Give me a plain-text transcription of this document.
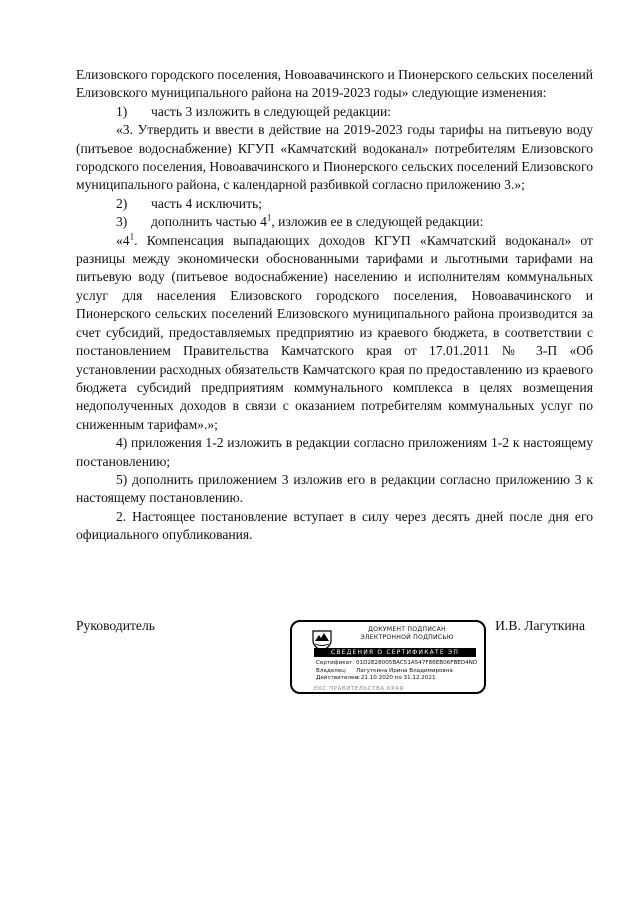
Елизовского городского поселения, Новоавачинского и Пионерского сельских поселений Елизовского муниципального района на 2019-2023 годы» следующие изменения:

1)	часть 3 изложить в следующей редакции:

«3. Утвердить и ввести в действие на 2019-2023 годы тарифы на питьевую воду (питьевое водоснабжение) КГУП «Камчатский водоканал» потребителям Елизовского городского поселения, Новоавачинского и Пионерского сельских поселений Елизовского муниципального района, с календарной разбивкой согласно приложению 3.»;

2)	часть 4 исключить;
3)	дополнить частью $4^1$, изложив ее в следующей редакции:

«$4^1$. Компенсация выпадающих доходов КГУП «Камчатский водоканал» от разницы между экономически обоснованными тарифами и льготными тарифами на питьевую воду (питьевое водоснабжение) населению и исполнителям коммунальных услуг для населения Елизовского городского поселения, Новоавачинского и Пионерского сельских поселений Елизовского муниципального района производится за счет субсидий, предоставляемых предприятию из краевого бюджета, в соответствии с постановлением Правительства Камчатского края от 17.01.2011 № 3-П «Об установлении расходных обязательств Камчатского края по предоставлению из краевого бюджета субсидий предприятиям коммунального комплекса в целях возмещения недополученных доходов в связи с оказанием потребителям коммунальных услуг по сниженным тарифам».»;

4) приложения 1-2 изложить в редакции согласно приложениям 1-2 к настоящему постановлению;

5) дополнить приложением 3 изложив его в редакции согласно приложению 3 к настоящему постановлению.

2. Настоящее постановление вступает в силу через десять дней после дня его официального опубликования.

Руководитель	И.В. Лагуткина
ДОКУМЕНТ ПОДПИСАН
ЭЛЕКТРОННОЙ ПОДПИСЬЮ
СВЕДЕНИЯ О СЕРТИФИКАТЕ ЭП
Сертификат: 01D2E28005BAC51A547F86EB06FBED4ND
Владелец:	Лагуткина Ирина Владимировна
Действителен:
с 21.10.2020 по 31.12.2021
ЕКС ПРАВИТЕЛЬСТВА КРАЯ
